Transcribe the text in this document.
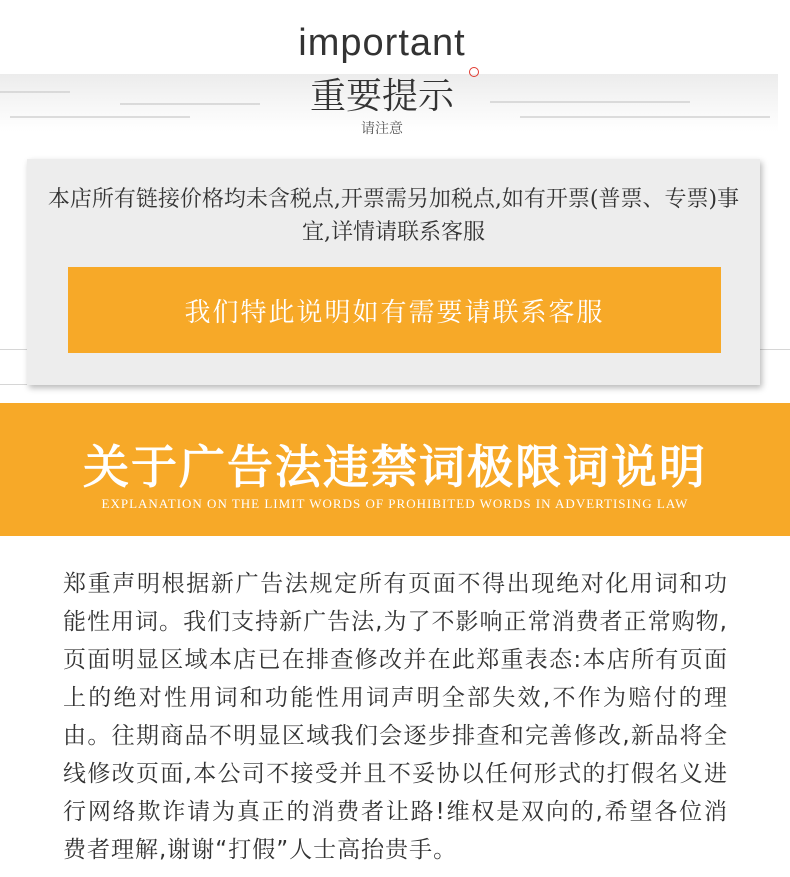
important
重要提示
请注意
本店所有链接价格均未含税点,开票需另加税点,如有开票(普票、专票)事宜,详情请联系客服
我们特此说明如有需要请联系客服
关于广告法违禁词极限词说明
EXPLANATION ON THE LIMIT WORDS OF PROHIBITED WORDS IN ADVERTISING LAW
郑重声明根据新广告法规定所有页面不得出现绝对化用词和功能性用词。我们支持新广告法,为了不影响正常消费者正常购物,页面明显区域本店已在排查修改并在此郑重表态:本店所有页面上的绝对性用词和功能性用词声明全部失效,不作为赔付的理由。往期商品不明显区域我们会逐步排查和完善修改,新品将全线修改页面,本公司不接受并且不妥协以任何形式的打假名义进行网络欺诈请为真正的消费者让路!维权是双向的,希望各位消费者理解,谢谢“打假”人士高抬贵手。
